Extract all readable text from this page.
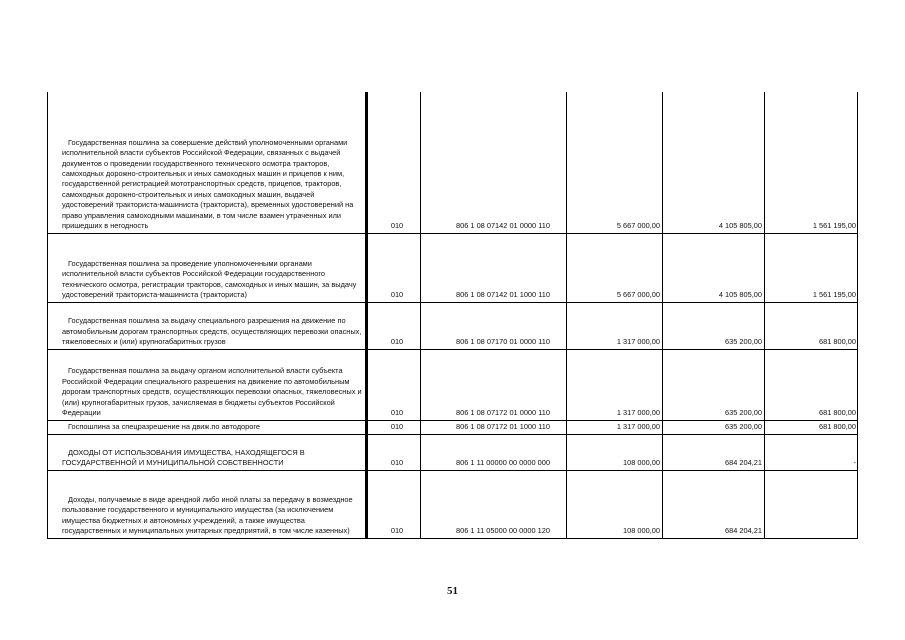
Государственная пошлина за совершение действий уполномоченными органами исполнительной власти субъектов Российской Федерации, связанных с выдачей документов о проведении государственного технического осмотра тракторов, самоходных дорожно-строительных и иных самоходных машин и прицепов к ним, государственной регистрацией мототранспортных средств, прицепов, тракторов, самоходных дорожно-строительных и иных самоходных машин, выдачей удостоверений тракториста-машиниста (тракториста), временных удостоверений на право управления самоходными машинами, в том числе взамен утраченных или пришедших в негодность	010	806 1 08 07142 01 0000 110	5 667 000,00	4 105 805,00	1 561 195,00
Государственная пошлина за проведение уполномоченными органами исполнительной власти субъектов Российской Федерации государственного технического осмотра, регистрации тракторов, самоходных и иных машин, за выдачу удостоверений тракториста-машиниста (тракториста)	010	806 1 08 07142 01 1000 110	5 667 000,00	4 105 805,00	1 561 195,00
Государственная пошлина за выдачу специального разрешения на движение по автомобильным дорогам транспортных средств, осуществляющих перевозки опасных, тяжеловесных и (или) крупногабаритных грузов	010	806 1 08 07170 01 0000 110	1 317 000,00	635 200,00	681 800,00
Государственная пошлина за выдачу органом исполнительной власти субъекта Российской Федерации специального разрешения на движение по автомобильным дорогам транспортных средств, осуществляющих перевозки опасных, тяжеловесных и (или) крупногабаритных грузов, зачисляемая в бюджеты субъектов Российской Федерации	010	806 1 08 07172 01 0000 110	1 317 000,00	635 200,00	681 800,00
Госпошлина за спецразрешение на движ.по автодороге	010	806 1 08 07172 01 1000 110	1 317 000,00	635 200,00	681 800,00
ДОХОДЫ ОТ ИСПОЛЬЗОВАНИЯ ИМУЩЕСТВА, НАХОДЯЩЕГОСЯ В ГОСУДАРСТВЕННОЙ И МУНИЦИПАЛЬНОЙ СОБСТВЕННОСТИ	010	806 1 11 00000 00 0000 000	108 000,00	684 204,21	-
Доходы, получаемые в виде арендной либо иной платы за передачу в возмездное пользование государственного и муниципального имущества (за исключением имущества бюджетных и автономных учреждений, а также имущества государственных и муниципальных унитарных предприятий, в том числе казенных)	010	806 1 11 05000 00 0000 120	108 000,00	684 204,21	
51
